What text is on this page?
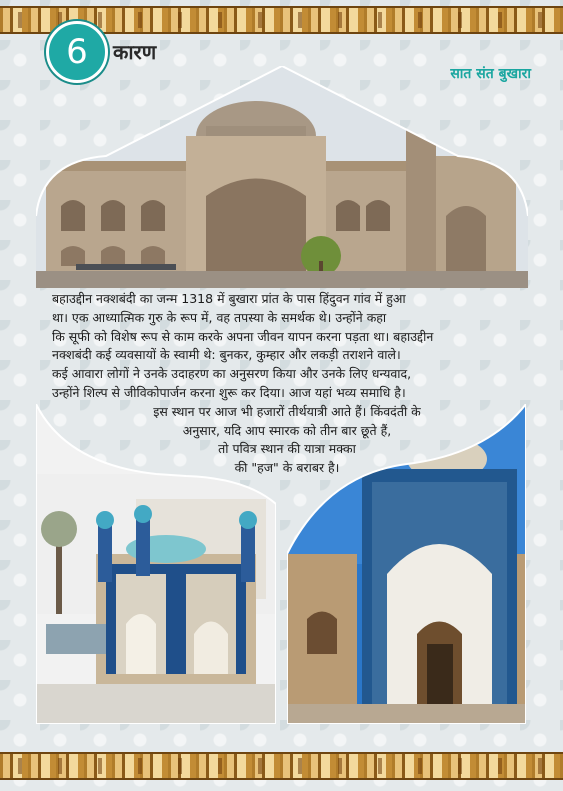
6	कारण
सात संत बुखारा

बहाउद्दीन नक्शबंदी का जन्म 1318 में बुखारा प्रांत के पास हिंदुवन गांव में हुआ

था। एक आध्यात्मिक गुरु के रूप में, वह तपस्या के समर्थक थे। उन्होंने कहा

कि सूफी को विशेष रूप से काम करके अपना जीवन यापन करना पड़ता था। बहाउद्दीन

नक्शबंदी कई व्यवसायों के स्वामी थे: बुनकर, कुम्हार और लकड़ी तराशने वाले।

कई आवारा लोगों ने उनके उदाहरण का अनुसरण किया और उनके लिए धन्यवाद,

उन्होंने शिल्प से जीविकोपार्जन करना शुरू कर दिया। आज यहां भव्य समाधि है।

इस स्थान पर आज भी हजारों तीर्थयात्री आते हैं। किंवदंती के

अनुसार, यदि आप स्मारक को तीन बार छूते हैं,

तो पवित्र स्थान की यात्रा मक्का

की "हज" के बराबर है।
